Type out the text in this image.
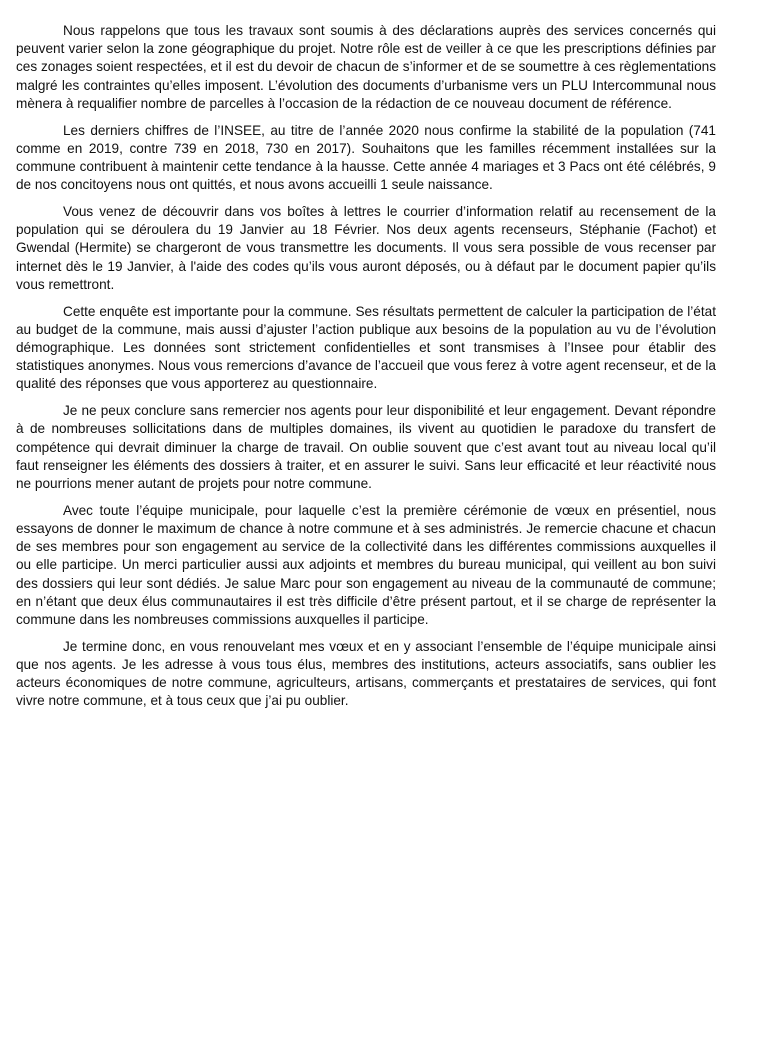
Nous rappelons que tous les travaux sont soumis à des déclarations auprès des services concernés qui peuvent varier selon la zone géographique du projet. Notre rôle est de veiller à ce que les prescriptions définies par ces zonages soient respectées, et il est du devoir de chacun de s’informer et de se soumettre à ces règlementations malgré les contraintes qu’elles imposent. L’évolution des documents d’urbanisme vers un PLU Intercommunal nous mènera à requalifier nombre de parcelles à l’occasion de la rédaction de ce nouveau document de référence.

Les derniers chiffres de l’INSEE, au titre de l’année 2020 nous confirme la stabilité de la population (741 comme en 2019, contre 739 en 2018, 730 en 2017). Souhaitons que les familles récemment installées sur la commune contribuent à maintenir cette tendance à la hausse. Cette année 4 mariages et 3 Pacs ont été célébrés, 9 de nos concitoyens nous ont quittés, et nous avons accueilli 1 seule naissance.

Vous venez de découvrir dans vos boîtes à lettres le courrier d’information relatif au recensement de la population qui se déroulera du 19 Janvier au 18 Février. Nos deux agents recenseurs, Stéphanie (Fachot) et Gwendal (Hermite) se chargeront de vous transmettre les documents. Il vous sera possible de vous recenser par internet dès le 19 Janvier, à l'aide des codes qu’ils vous auront déposés, ou à défaut par le document papier qu’ils vous remettront.

Cette enquête est importante pour la commune. Ses résultats permettent de calculer la participation de l’état au budget de la commune, mais aussi d’ajuster l’action publique aux besoins de la population au vu de l’évolution démographique. Les données sont strictement confidentielles et sont transmises à l’Insee pour établir des statistiques anonymes. Nous vous remercions d’avance de l’accueil que vous ferez à votre agent recenseur, et de la qualité des réponses que vous apporterez au questionnaire.

Je ne peux conclure sans remercier nos agents pour leur disponibilité et leur engagement. Devant répondre à de nombreuses sollicitations dans de multiples domaines, ils vivent au quotidien le paradoxe du transfert de compétence qui devrait diminuer la charge de travail. On oublie souvent que c’est avant tout au niveau local qu’il faut renseigner les éléments des dossiers à traiter, et en assurer le suivi. Sans leur efficacité et leur réactivité nous ne pourrions mener autant de projets pour notre commune.

Avec toute l’équipe municipale, pour laquelle c’est la première cérémonie de vœux en présentiel, nous essayons de donner le maximum de chance à notre commune et à ses administrés. Je remercie chacune et chacun de ses membres pour son engagement au service de la collectivité dans les différentes commissions auxquelles il ou elle participe. Un merci particulier aussi aux adjoints et membres du bureau municipal, qui veillent au bon suivi des dossiers qui leur sont dédiés. Je salue Marc pour son engagement au niveau de la communauté de commune; en n’étant que deux élus communautaires il est très difficile d’être présent partout, et il se charge de représenter la commune dans les nombreuses commissions auxquelles il participe.

Je termine donc, en vous renouvelant mes vœux et en y associant l’ensemble de l’équipe municipale ainsi que nos agents. Je les adresse à vous tous élus, membres des institutions, acteurs associatifs, sans oublier les acteurs économiques de notre commune, agriculteurs, artisans, commerçants et prestataires de services, qui font vivre notre commune, et à tous ceux que j’ai pu oublier.
